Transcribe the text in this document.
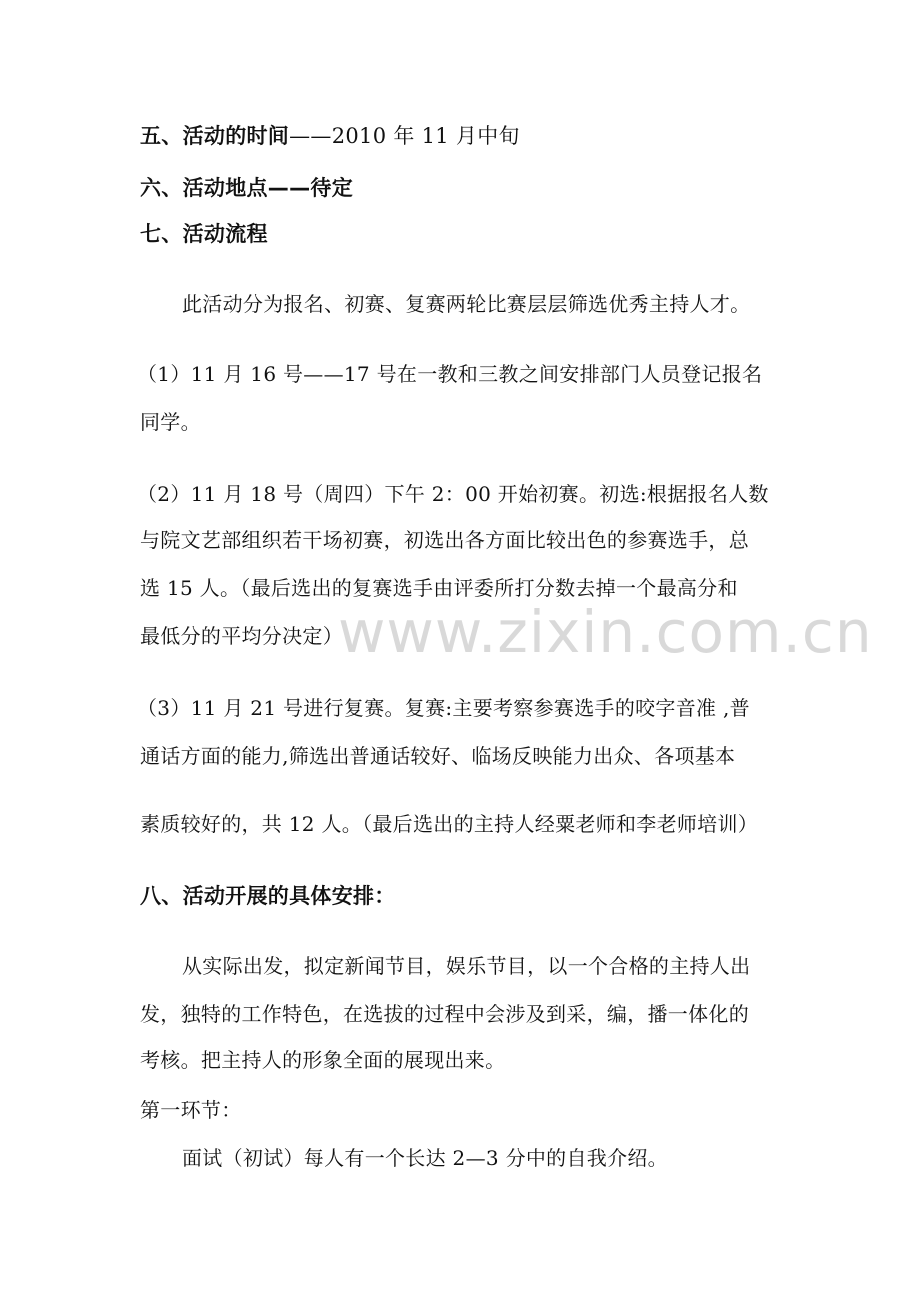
五、活动的时间——2010 年 11 月中旬
六、活动地点——待定
七、活动流程
此活动分为报名、初赛、复赛两轮比赛层层筛选优秀主持人才。
（1）11 月 16 号——17 号在一教和三教之间安排部门人员登记报名
同学。
（2）11 月 18 号（周四）下午 2：00 开始初赛。初选:根据报名人数
与院文艺部组织若干场初赛，初选出各方面比较出色的参赛选手，总
选 15 人。（最后选出的复赛选手由评委所打分数去掉一个最高分和
最低分的平均分决定）
（3）11 月 21 号进行复赛。复赛:主要考察参赛选手的咬字音准 ,普
通话方面的能力,筛选出普通话较好、临场反映能力出众、各项基本
素质较好的，共 12 人。（最后选出的主持人经粟老师和李老师培训）
八、活动开展的具体安排：
从实际出发，拟定新闻节目，娱乐节目，以一个合格的主持人出
发，独特的工作特色，在选拔的过程中会涉及到采，编，播一体化的
考核。把主持人的形象全面的展现出来。
第一环节：
面试（初试）每人有一个长达 2—3 分中的自我介绍。
www.zixin.com.cn
